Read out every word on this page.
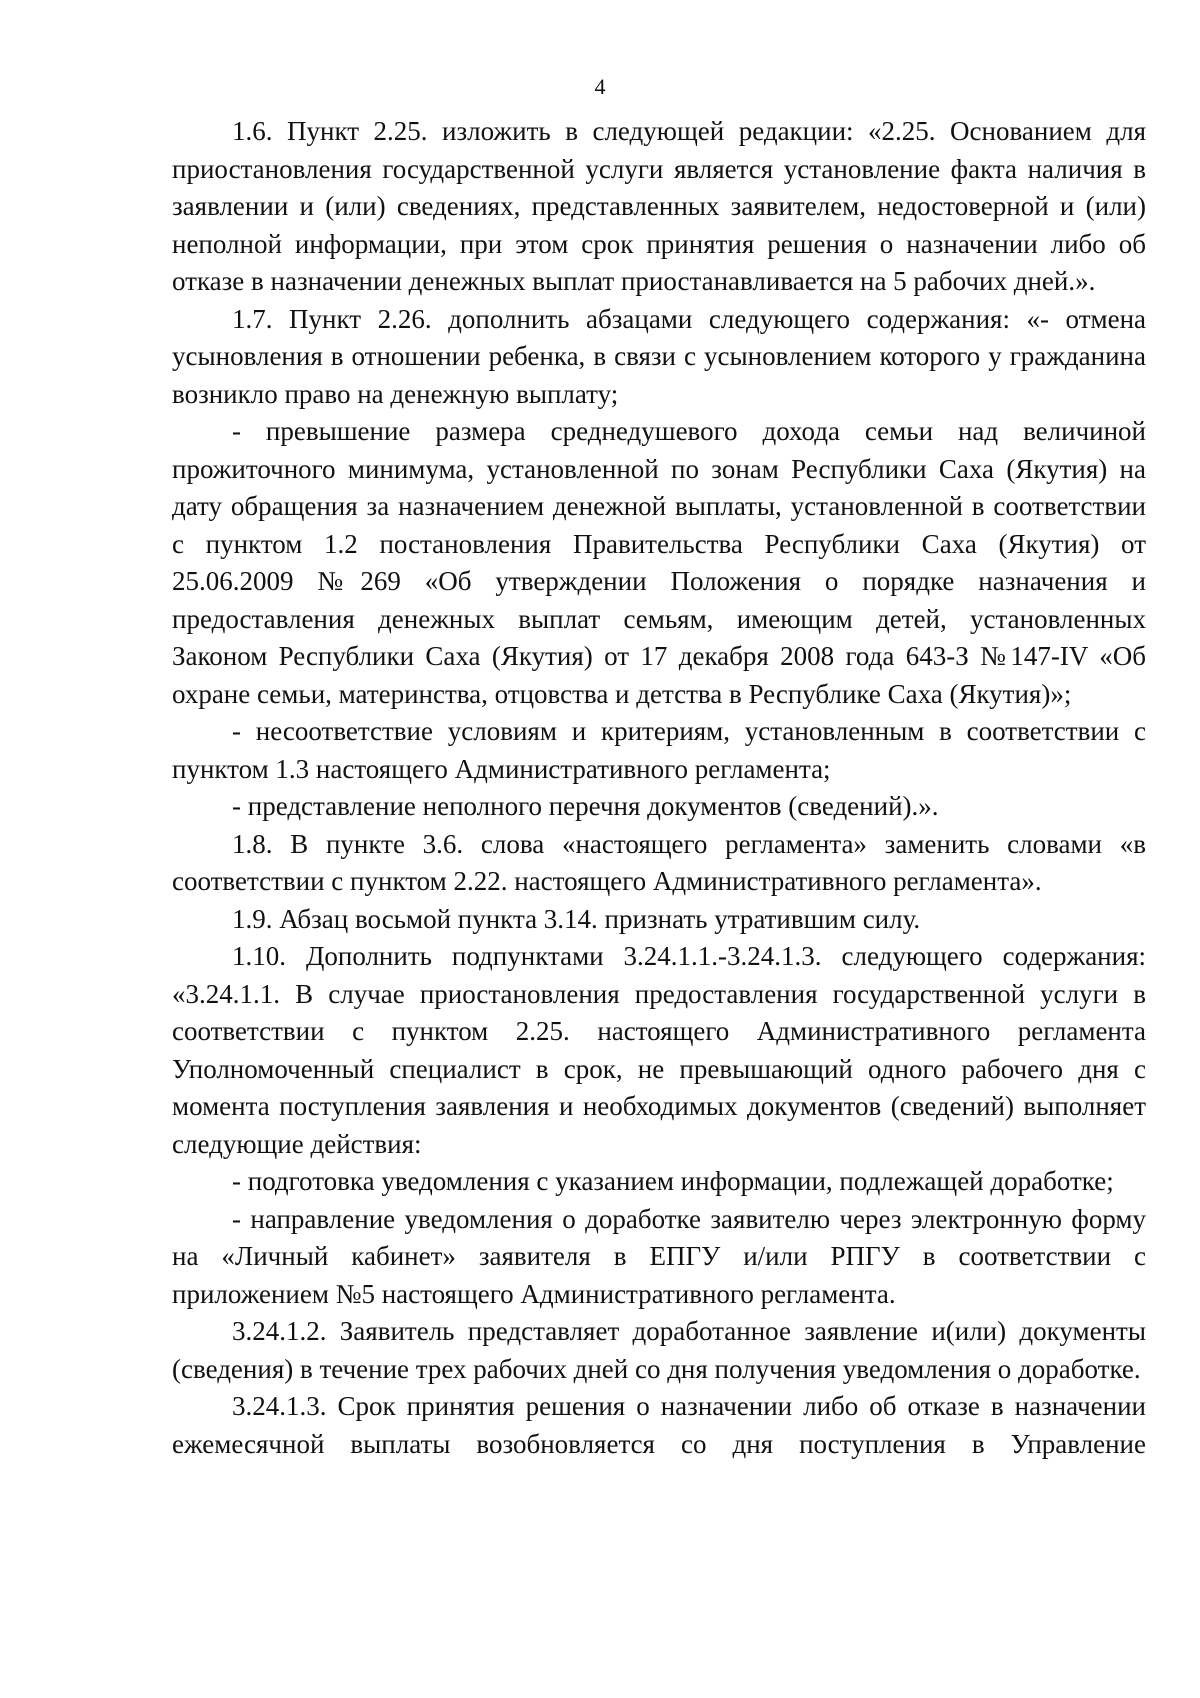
4

1.6. Пункт 2.25. изложить в следующей редакции: «2.25. Основанием для приостановления государственной услуги является установление факта наличия в заявлении и (или) сведениях, представленных заявителем, недостоверной и (или) неполной информации, при этом срок принятия решения о назначении либо об отказе в назначении денежных выплат приостанавливается на 5 рабочих дней.».

1.7. Пункт 2.26. дополнить абзацами следующего содержания: «- отмена усыновления в отношении ребенка, в связи с усыновлением которого у гражданина возникло право на денежную выплату;

- превышение размера среднедушевого дохода семьи над величиной прожиточного минимума, установленной по зонам Республики Саха (Якутия) на дату обращения за назначением денежной выплаты, установленной в соответствии с пунктом 1.2 постановления Правительства Республики Саха (Якутия) от 25.06.2009 №269 «Об утверждении Положения о порядке назначения и предоставления денежных выплат семьям, имеющим детей, установленных Законом Республики Саха (Якутия) от 17 декабря 2008 года 643-З №147-IV «Об охране семьи, материнства, отцовства и детства в Республике Саха (Якутия)»;

- несоответствие условиям и критериям, установленным в соответствии с пунктом 1.3 настоящего Административного регламента;

- представление неполного перечня документов (сведений).».

1.8. В пункте 3.6. слова «настоящего регламента» заменить словами «в соответствии с пунктом 2.22. настоящего Административного регламента».

1.9. Абзац восьмой пункта 3.14. признать утратившим силу.

1.10. Дополнить подпунктами 3.24.1.1.-3.24.1.3. следующего содержания: «3.24.1.1. В случае приостановления предоставления государственной услуги в соответствии с пунктом 2.25. настоящего Административного регламента Уполномоченный специалист в срок, не превышающий одного рабочего дня с момента поступления заявления и необходимых документов (сведений) выполняет следующие действия:

- подготовка уведомления с указанием информации, подлежащей доработке;

- направление уведомления о доработке заявителю через электронную форму на «Личный кабинет» заявителя в ЕПГУ и/или РПГУ в соответствии с приложением №5 настоящего Административного регламента.

3.24.1.2. Заявитель представляет доработанное заявление и(или) документы (сведения) в течение трех рабочих дней со дня получения уведомления о доработке.

3.24.1.3. Срок принятия решения о назначении либо об отказе в назначении ежемесячной выплаты возобновляется со дня поступления в Управление
